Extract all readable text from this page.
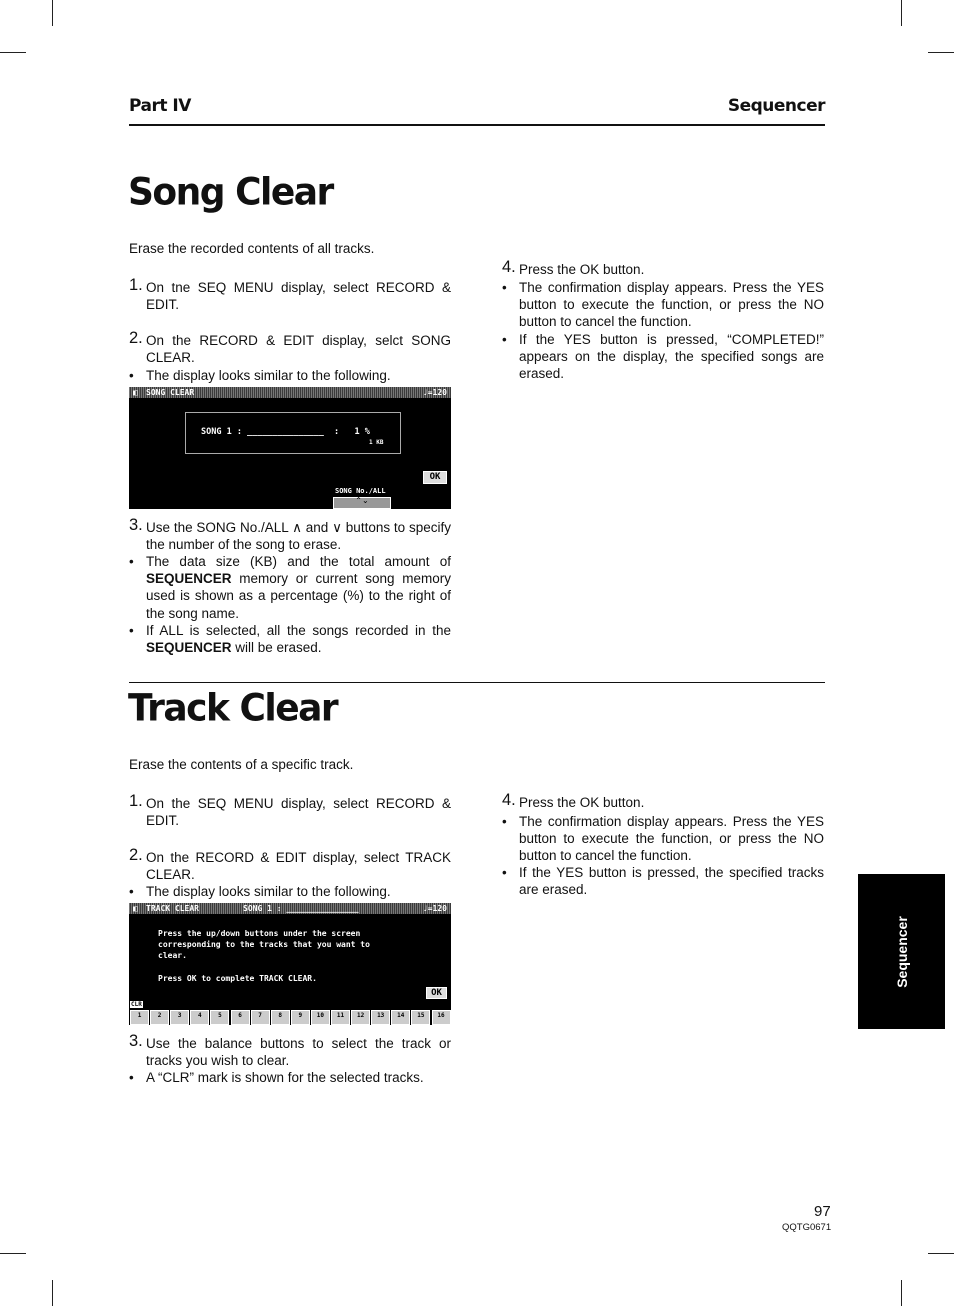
Part IV	Sequencer
Song Clear

Erase the recorded contents of all tracks.

1. On tne SEQ MENU display, select RECORD & EDIT.
2. On the RECORD & EDIT display, selct SONG CLEAR.
• The display looks similar to the following.
◧ SONG CLEAR	♩=120
SONG 1 : _______________  :   1 %
1 KB
OK
SONG No./ALL
⌃⌄
3. Use the SONG No./ALL ∧ and ∨ buttons to specify the number of the song to erase.
• The data size (KB) and the total amount of SEQUENCER memory or current song memory used is shown as a percentage (%) to the right of the song name.
• If ALL is selected, all the songs recorded in the SEQUENCER will be erased.
4. Press the OK button.
• The confirmation display appears. Press the YES button to execute the function, or press the NO button to cancel the function.
• If the YES button is pressed, “COMPLETED!” appears on the display, the specified songs are erased.
Track Clear

Erase the contents of a specific track.

1. On the SEQ MENU display, select RECORD & EDIT.
2. On the RECORD & EDIT display, select TRACK CLEAR.
• The display looks similar to the following.
◧ TRACK CLEAR	SONG 1 : _______________	♩=120
Press the up/down buttons under the screen
corresponding to the tracks that you want to
clear.
Press OK to complete TRACK CLEAR.
OK
CLR
1	2	3	4	5	6	7	8	9	10	11	12	13	14	15	16
3. Use the balance buttons to select the track or tracks you wish to clear.
• A “CLR” mark is shown for the selected tracks.
4. Press the OK button.
• The confirmation display appears. Press the YES button to execute the function, or press the NO button to cancel the function.
• If the YES button is pressed, the specified tracks are erased.
Sequencer
97
QQTG0671
